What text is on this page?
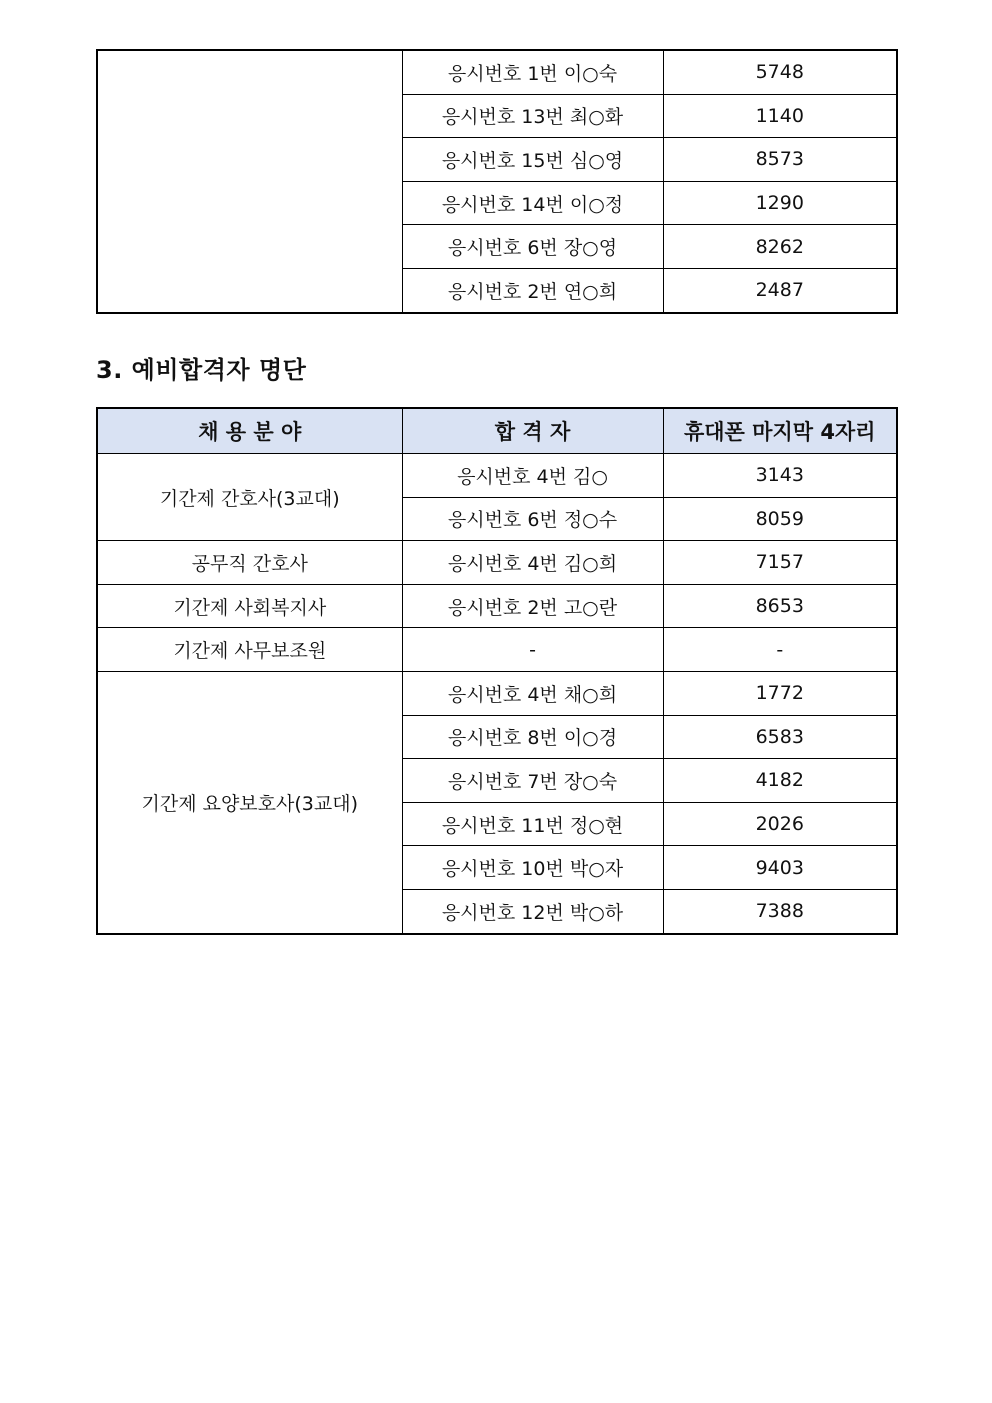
	응시번호 1번 이○숙	5748
	응시번호 13번 최○화	1140
	응시번호 15번 심○영	8573
	응시번호 14번 이○정	1290
	응시번호 6번 장○영	8262
	응시번호 2번 연○희	2487
3. 예비합격자 명단
채 용 분 야	합 격 자	휴대폰 마지막 4자리
기간제 간호사(3교대)	응시번호 4번 김○	3143
	응시번호 6번 정○수	8059
공무직 간호사	응시번호 4번 김○희	7157
기간제 사회복지사	응시번호 2번 고○란	8653
기간제 사무보조원	-	-
기간제 요양보호사(3교대)	응시번호 4번 채○희	1772
	응시번호 8번 이○경	6583
	응시번호 7번 장○숙	4182
	응시번호 11번 정○현	2026
	응시번호 10번 박○자	9403
	응시번호 12번 박○하	7388
